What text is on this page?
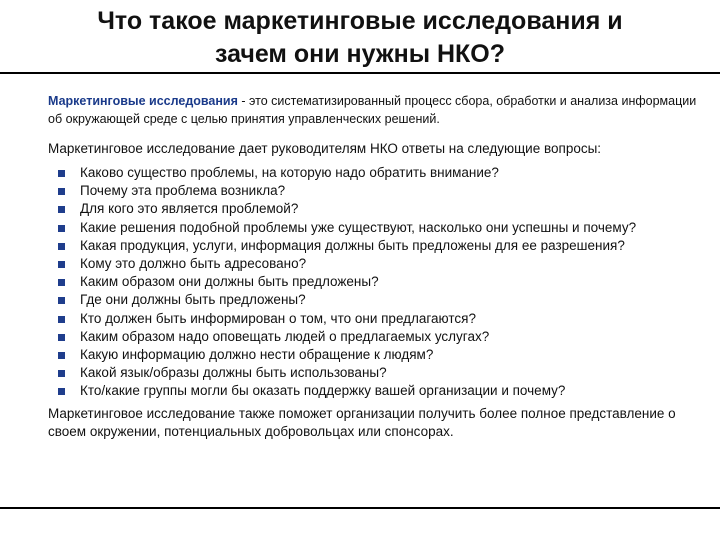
Что такое маркетинговые исследования и
зачем они нужны НКО?
Маркетинговые исследования - это систематизированный процесс сбора, обработки и анализа информации об окружающей среде с целью принятия управленческих решений.
Маркетинговое исследование дает руководителям НКО ответы на следующие вопросы:
Каково существо проблемы, на которую надо обратить внимание?
Почему эта проблема возникла?
Для кого это является проблемой?
Какие решения подобной проблемы уже существуют, насколько они успешны и почему?
Какая продукция, услуги, информация должны быть предложены для ее разрешения?
Кому это должно быть адресовано?
Каким образом они должны быть предложены?
Где они должны быть предложены?
Кто должен быть информирован о том, что они предлагаются?
Каким образом надо оповещать людей о предлагаемых услугах?
Какую информацию должно нести обращение к людям?
Какой язык/образы должны быть использованы?
Кто/какие группы могли бы оказать поддержку вашей организации и почему?
Маркетинговое исследование также поможет организации получить более полное представление о своем окружении, потенциальных добровольцах или спонсорах.
